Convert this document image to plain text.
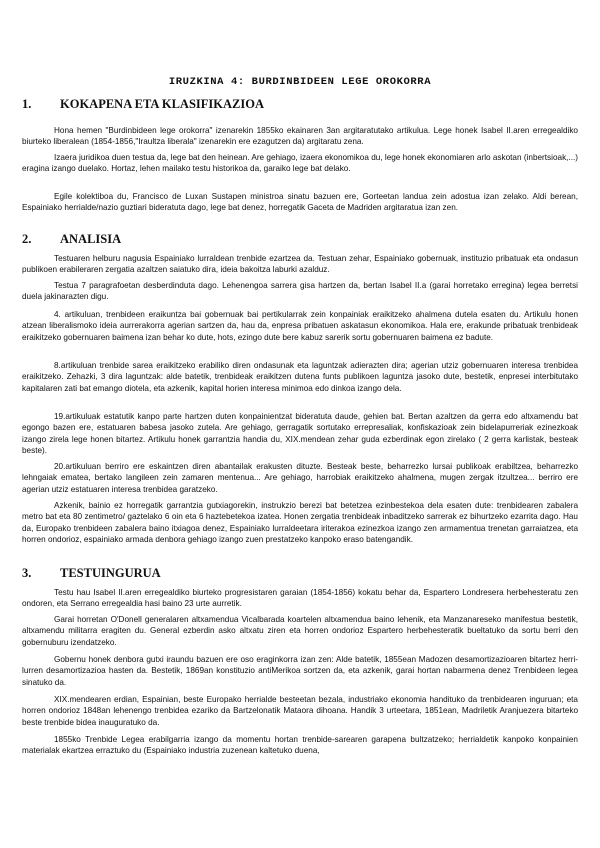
IRUZKINA 4: BURDINBIDEEN LEGE OROKORRA
1. KOKAPENA ETA KLASIFIKAZIOA

Hona hemen "Burdinbideen lege orokorra" izenarekin 1855ko ekainaren 3an argitaratutako artikulua. Lege honek Isabel II.aren erregealdiko biurteko liberalean (1854-1856,"Iraultza liberala" izenarekin ere ezagutzen da) argitaratu zena.

Izaera juridikoa duen testua da, lege bat den heinean. Are gehiago, izaera ekonomikoa du, lege honek ekonomiaren arlo askotan (inbertsioak,...) eragina izango duelako. Hortaz, lehen mailako testu historikoa da, garaiko lege bat delako.

Egile kolektiboa du, Francisco de Luxan Sustapen ministroa sinatu bazuen ere, Gorteetan landua zein adostua izan zelako. Aldi berean, Espainiako herrialde/nazio guztiari bideratuta dago, lege bat denez, horregatik Gaceta de Madriden argitaratua izan zen.

2. ANALISIA

Testuaren helburu nagusia Espainiako lurraldean trenbide ezartzea da. Testuan zehar, Espainiako gobernuak, instituzio pribatuak eta ondasun publikoen erabileraren zergatia azaltzen saiatuko dira, ideia bakoitza laburki azalduz.

Testua 7 paragrafoetan desberdinduta dago. Lehenengoa sarrera gisa hartzen da, bertan Isabel II.a (garai horretako erregina) legea berretsi duela jakinarazten digu.

4. artikuluan, trenbideen eraikuntza bai gobernuak bai pertikularrak zein konpainiak eraikitzeko ahalmena dutela esaten du. Artikulu honen atzean liberalismoko ideia aurrerakorra agerian sartzen da, hau da, enpresa pribatuen askatasun ekonomikoa. Hala ere, erakunde pribatuak trenbideak eraikitzeko gobernuaren baimena izan behar ko dute, hots, ezingo dute bere kabuz sarerik sortu gobernuaren baimena ez badute.

8.artikuluan trenbide sarea eraikitzeko erabiliko diren ondasunak eta laguntzak adierazten dira; agerian utziz gobernuaren interesa trenbidea eraikitzeko. Zehazki, 3 dira laguntzak: alde batetik, trenbideak eraikitzen dutena funts publikoen laguntza jasoko dute, bestetik, enpresei interbitutako kapitalaren zati bat emango diotela, eta azkenik, kapital horien interesa minimoa edo dinkoa izango dela.

19.artikuluak estatutik kanpo parte hartzen duten konpainientzat bideratuta daude, gehien bat. Bertan azaltzen da gerra edo altxamendu bat egongo bazen ere, estatuaren babesa jasoko zutela. Are gehiago, gerragatik sortutako errepresaliak, konfiskazioak zein bidelapurreriak ezinezkoak izango zirela lege honen bitartez. Artikulu honek garrantzia handia du, XIX.mendean zehar guda ezberdinak egon zirelako ( 2 gerra karlistak, besteak beste).

20.artikuluan berriro ere eskaintzen diren abantailak erakusten dituzte. Besteak beste, beharrezko lursai publikoak erabiltzea, beharrezko lehngaiak ematea, bertako langileen zein zamaren mentenua... Are gehiago, harrobiak eraikitzeko ahalmena, mugen zergak itzultzea... berriro ere agerian utziz estatuaren interesa trenbidea garatzeko.

Azkenik, bainio ez horregatik garrantzia gutxiagorekin, instrukzio berezi bat betetzea ezinbestekoa dela esaten dute: trenbidearen zabalera metro bat eta 80 zentimetro/ gaztelako 6 oin eta 6 haztebetekoa izatea. Honen zergatia trenbideak inbaditzeko sarrerak ez bihurtzeko ezarrita dago. Hau da, Europako trenbideen zabalera baino itxiagoa denez, Espainiako lurraldeetara iriterakoa ezinezkoa izango zen armamentua trenetan garraiatzea, eta horren ondorioz, espainiako armada denbora gehiago izango zuen prestatzeko kanpoko eraso batengandik.

3. TESTUINGURUA

Testu hau Isabel II.aren erregealdiko biurteko progresistaren garaian (1854-1856) kokatu behar da, Espartero Londresera herbehesteratu zen ondoren, eta Serrano erregealdia hasi baino 23 urte aurretik.

Garai horretan O'Donell generalaren altxamendua Vicalbarada koartelen altxamendua baino lehenik, eta Manzanareseko manifestua bestetik, altxamendu militarra eragiten du. General ezberdin asko altxatu ziren eta horren ondorioz Espartero herbehesteratik bueltatuko da sortu berri den gobernuburu izendatzeko.

Gobernu honek denbora gutxi iraundu bazuen ere oso eraginkorra izan zen: Alde batetik, 1855ean Madozen desamortizazioaren bitartez herri-lurren desamortizazioa hasten da. Bestetik, 1869an konstituzio antiMerikoa sortzen da, eta azkenik, garai hortan nabarmena denez Trenbideen legea sinatuko da.

XIX.mendearen erdian, Espainian, beste Europako herrialde besteetan bezala, industriako ekonomia handituko da trenbidearen inguruan; eta horren ondorioz 1848an lehenengo trenbidea ezariko da Bartzelonatik Mataora dihoana. Handik 3 urteetara, 1851ean, Madriletik Aranjuezera bitarteko beste trenbide bidea inauguratuko da.

1855ko Trenbide Legea erabilgarria izango da momentu hortan trenbide-sarearen garapena bultzatzeko; herrialdetik kanpoko konpainien materialak ekartzea erraztuko du (Espainiako industria zuzenean kaltetuko duena,
